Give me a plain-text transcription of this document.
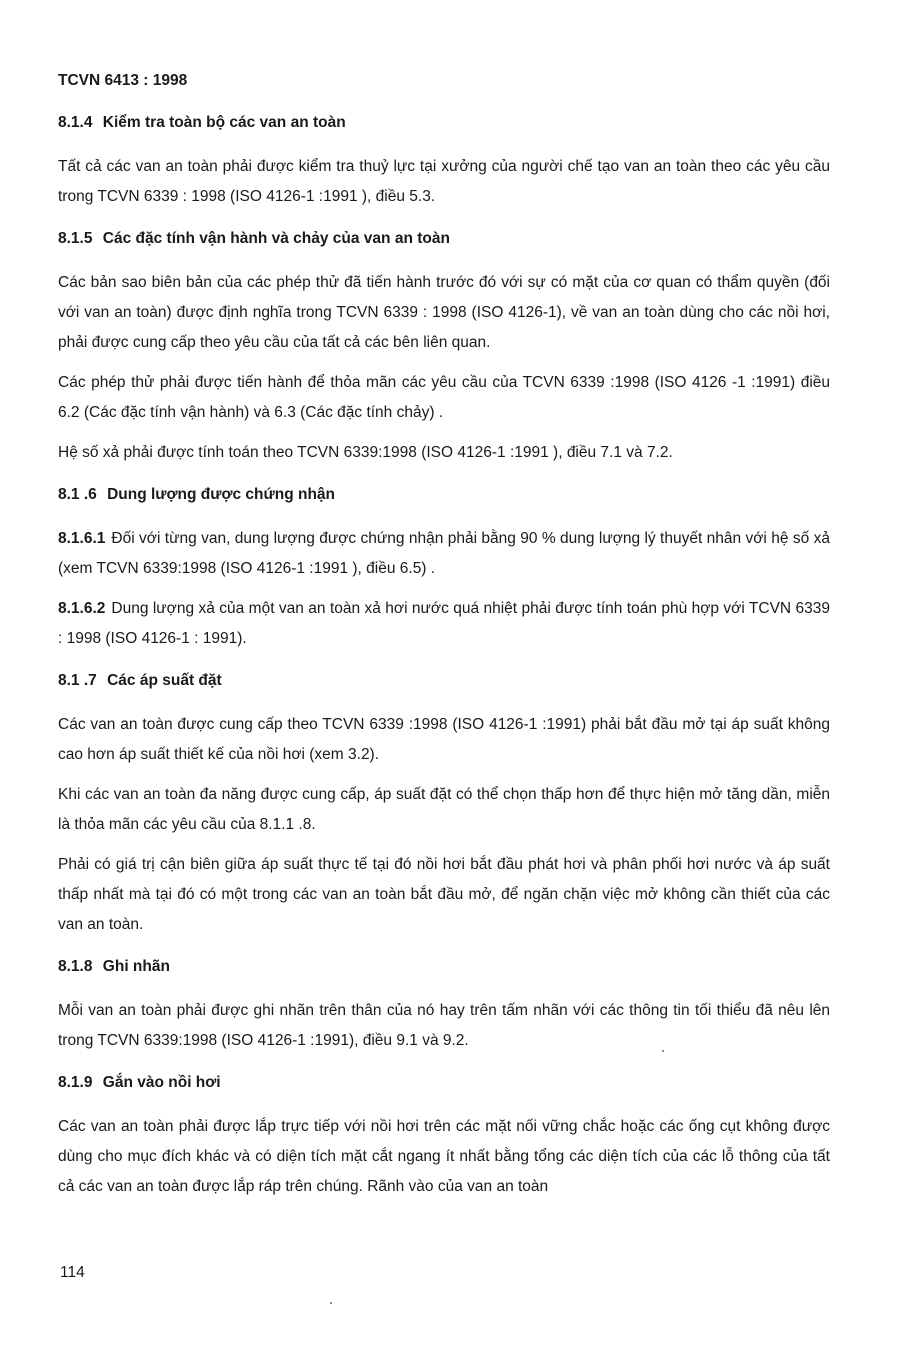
TCVN 6413 : 1998
8.1.4 Kiểm tra toàn bộ các van an toàn

Tất cả các van an toàn phải được kiểm tra thuỷ lực tại xưởng của người chế tạo van an toàn theo các yêu cầu trong TCVN 6339 : 1998 (ISO 4126-1 :1991 ), điều 5.3.

8.1.5 Các đặc tính vận hành và chảy của van an toàn

Các bản sao biên bản của các phép thử đã tiến hành trước đó với sự có mặt của cơ quan có thẩm quyền (đối với van an toàn) được định nghĩa trong TCVN 6339 : 1998 (ISO 4126-1), về van an toàn dùng cho các nồi hơi, phải được cung cấp theo yêu cầu của tất cả các bên liên quan.

Các phép thử phải được tiến hành để thỏa mãn các yêu cầu của TCVN 6339 :1998 (ISO 4126 -1 :1991) điều 6.2 (Các đặc tính vận hành) và 6.3 (Các đặc tính chảy) .

Hệ số xả phải được tính toán theo TCVN 6339:1998 (ISO 4126-1 :1991 ), điều 7.1 và 7.2.

8.1 .6 Dung lượng được chứng nhận

8.1.6.1 Đối với từng van, dung lượng được chứng nhận phải bằng 90 % dung lượng lý thuyết nhân với hệ số xả (xem TCVN 6339:1998 (ISO 4126-1 :1991 ), điều 6.5) .

8.1.6.2 Dung lượng xả của một van an toàn xả hơi nước quá nhiệt phải được tính toán phù hợp với TCVN 6339 : 1998 (ISO 4126-1 : 1991).

8.1 .7 Các áp suất đặt

Các van an toàn được cung cấp theo TCVN 6339 :1998 (ISO 4126-1 :1991) phải bắt đầu mở tại áp suất không cao hơn áp suất thiết kế của nồi hơi (xem 3.2).

Khi các van an toàn đa năng được cung cấp, áp suất đặt có thể chọn thấp hơn để thực hiện mở tăng dần, miễn là thỏa mãn các yêu cầu của 8.1.1 .8.

Phải có giá trị cận biên giữa áp suất thực tế tại đó nồi hơi bắt đầu phát hơi và phân phối hơi nước và áp suất thấp nhất mà tại đó có một trong các van an toàn bắt đầu mở, để ngăn chặn việc mở không cần thiết của các van an toàn.

8.1.8 Ghi nhãn

Mỗi van an toàn phải được ghi nhãn trên thân của nó hay trên tấm nhãn với các thông tin tối thiểu đã nêu lên trong TCVN 6339:1998 (ISO 4126-1 :1991), điều 9.1 và 9.2.

8.1.9 Gắn vào nồi hơi

Các van an toàn phải được lắp trực tiếp với nồi hơi trên các mặt nối vững chắc hoặc các ống cụt không được dùng cho mục đích khác và có diện tích mặt cắt ngang ít nhất bằng tổng các diện tích của các lỗ thông của tất cả các van an toàn được lắp ráp trên chúng. Rãnh vào của van an toàn

114
